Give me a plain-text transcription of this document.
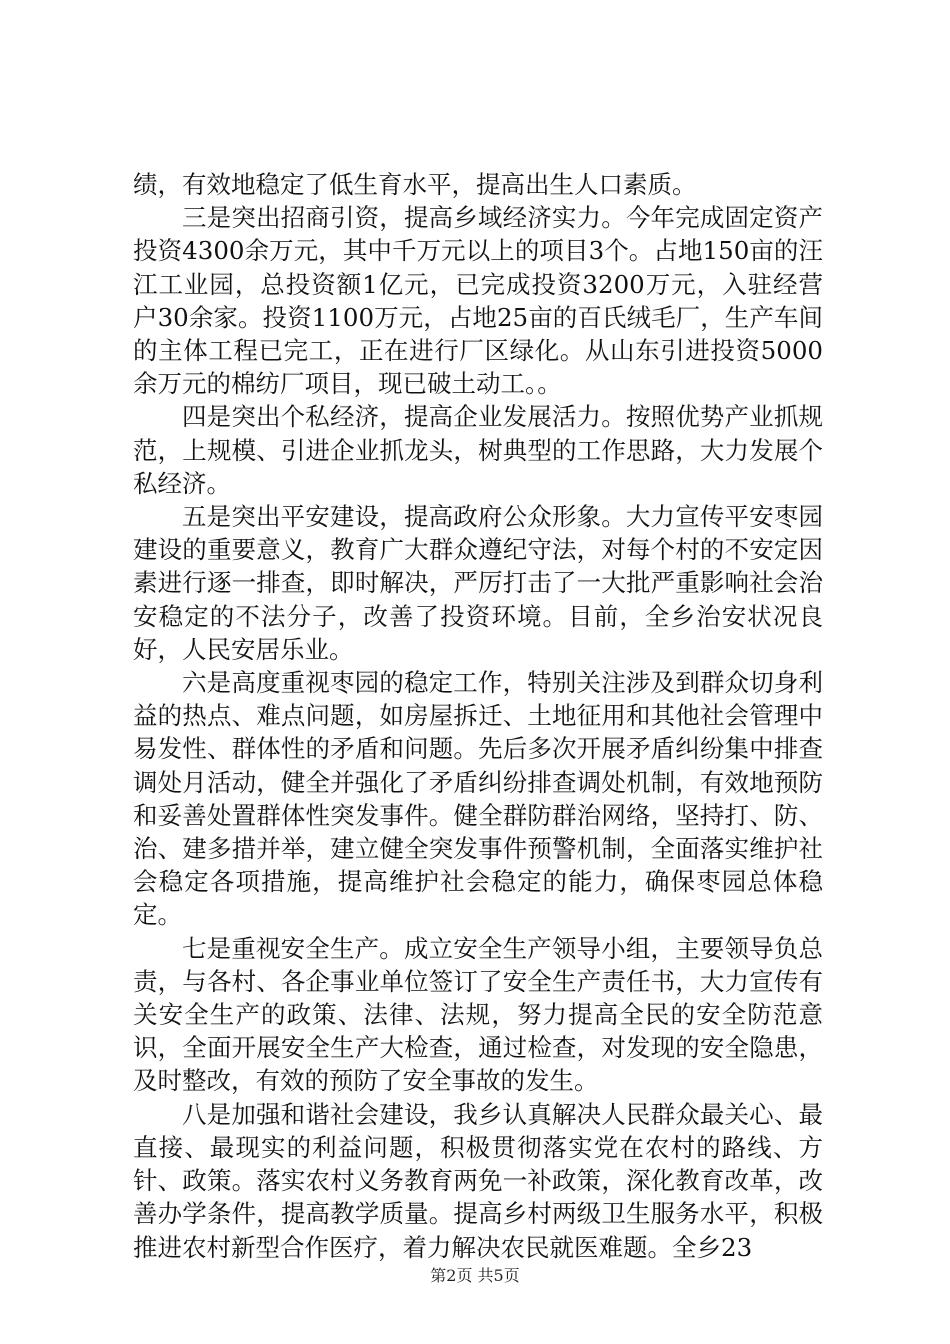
绩，有效地稳定了低生育水平，提高出生人口素质。

三是突出招商引资，提高乡域经济实力。今年完成固定资产投资4300余万元，其中千万元以上的项目3个。占地150亩的汪江工业园，总投资额1亿元，已完成投资3200万元，入驻经营户30余家。投资1100万元，占地25亩的百氏绒毛厂，生产车间的主体工程已完工，正在进行厂区绿化。从山东引进投资5000余万元的棉纺厂项目，现已破土动工。。

四是突出个私经济，提高企业发展活力。按照优势产业抓规范，上规模、引进企业抓龙头，树典型的工作思路，大力发展个私经济。

五是突出平安建设，提高政府公众形象。大力宣传平安枣园建设的重要意义，教育广大群众遵纪守法，对每个村的不安定因素进行逐一排查，即时解决，严厉打击了一大批严重影响社会治安稳定的不法分子，改善了投资环境。目前，全乡治安状况良好，人民安居乐业。

六是高度重视枣园的稳定工作，特别关注涉及到群众切身利益的热点、难点问题，如房屋拆迁、土地征用和其他社会管理中易发性、群体性的矛盾和问题。先后多次开展矛盾纠纷集中排查调处月活动，健全并强化了矛盾纠纷排查调处机制，有效地预防和妥善处置群体性突发事件。健全群防群治网络，坚持打、防、治、建多措并举，建立健全突发事件预警机制，全面落实维护社会稳定各项措施，提高维护社会稳定的能力，确保枣园总体稳定。

七是重视安全生产。成立安全生产领导小组，主要领导负总责，与各村、各企事业单位签订了安全生产责任书，大力宣传有关安全生产的政策、法律、法规，努力提高全民的安全防范意识，全面开展安全生产大检查，通过检查，对发现的安全隐患，及时整改，有效的预防了安全事故的发生。

八是加强和谐社会建设，我乡认真解决人民群众最关心、最直接、最现实的利益问题，积极贯彻落实党在农村的路线、方针、政策。落实农村义务教育两免一补政策，深化教育改革，改善办学条件，提高教学质量。提高乡村两级卫生服务水平，积极推进农村新型合作医疗，着力解决农民就医难题。全乡23

第2页 共5页
